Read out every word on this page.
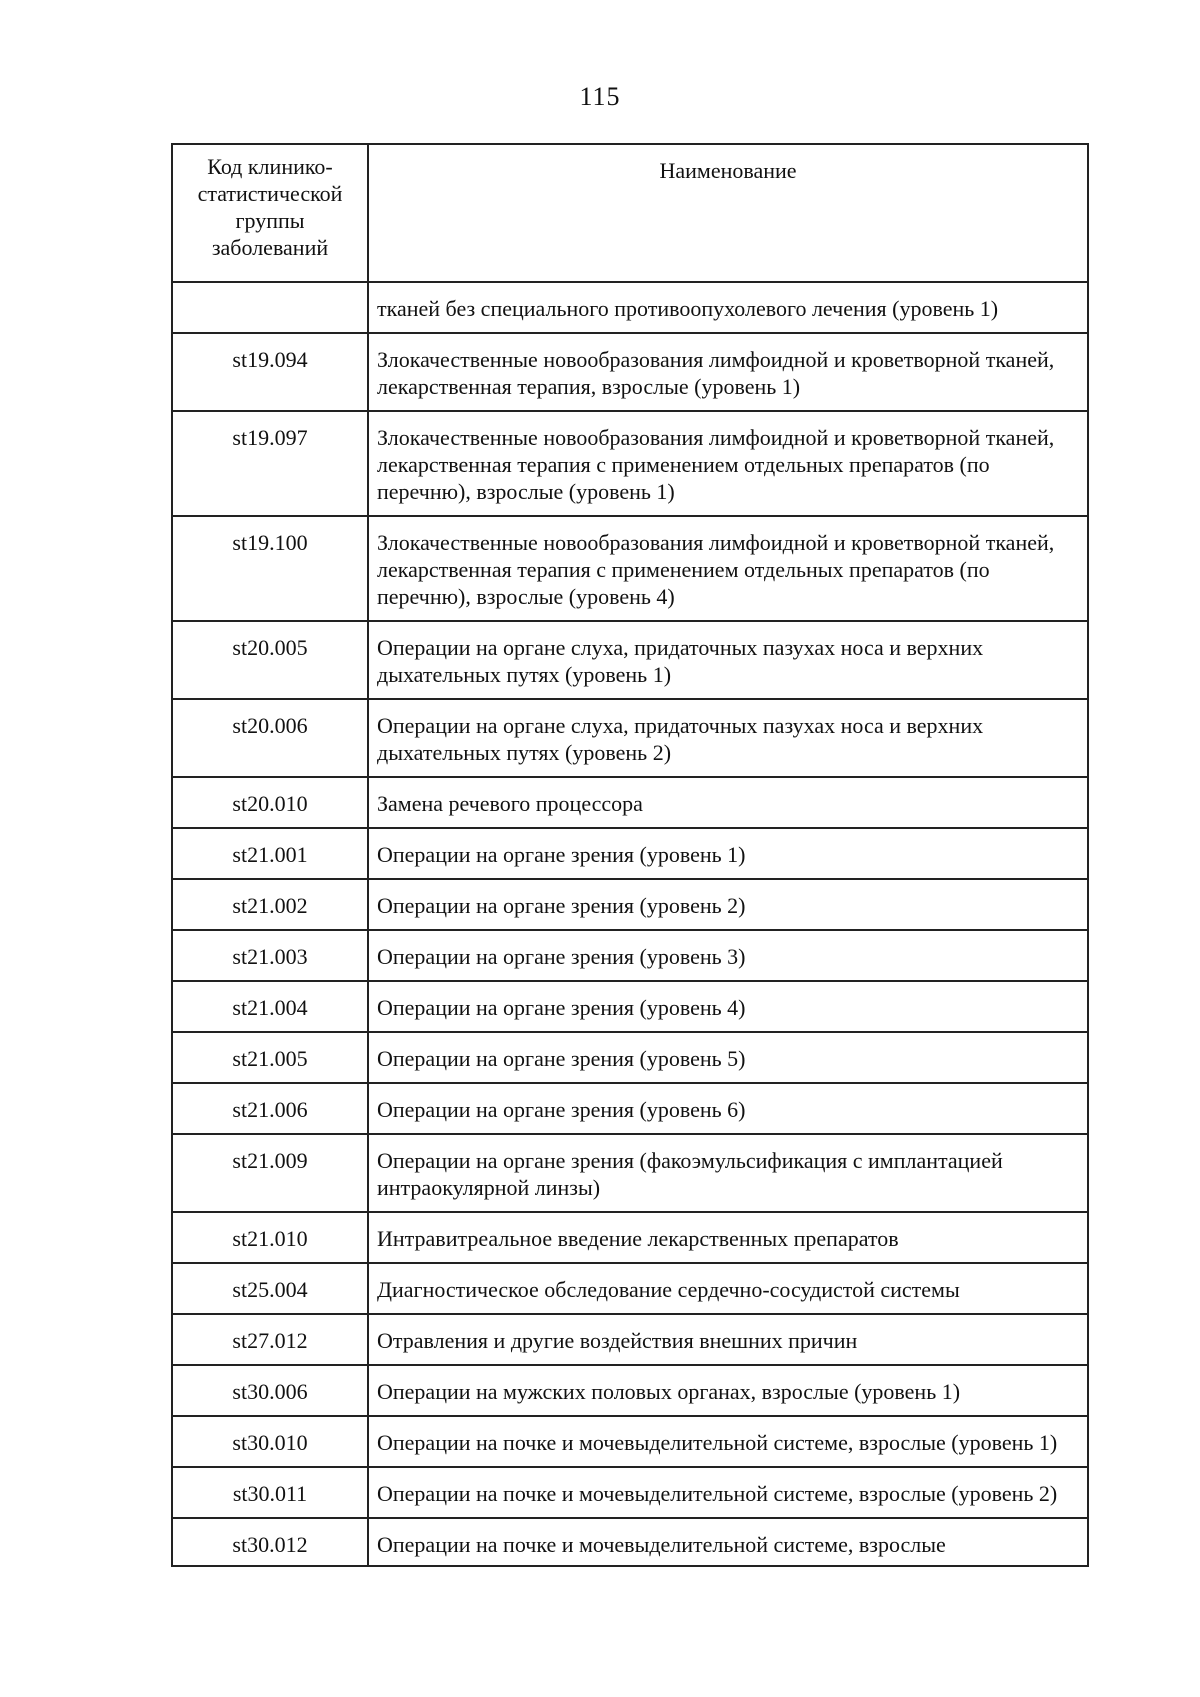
115
Код клинико-статистической группы заболеваний	Наименование
	тканей без специального противоопухолевого лечения (уровень 1)
st19.094	Злокачественные новообразования лимфоидной и кроветворной тканей, лекарственная терапия, взрослые (уровень 1)
st19.097	Злокачественные новообразования лимфоидной и кроветворной тканей, лекарственная терапия с применением отдельных препаратов (по перечню), взрослые (уровень 1)
st19.100	Злокачественные новообразования лимфоидной и кроветворной тканей, лекарственная терапия с применением отдельных препаратов (по перечню), взрослые (уровень 4)
st20.005	Операции на органе слуха, придаточных пазухах носа и верхних дыхательных путях (уровень 1)
st20.006	Операции на органе слуха, придаточных пазухах носа и верхних дыхательных путях (уровень 2)
st20.010	Замена речевого процессора
st21.001	Операции на органе зрения (уровень 1)
st21.002	Операции на органе зрения (уровень 2)
st21.003	Операции на органе зрения (уровень 3)
st21.004	Операции на органе зрения (уровень 4)
st21.005	Операции на органе зрения (уровень 5)
st21.006	Операции на органе зрения (уровень 6)
st21.009	Операции на органе зрения (факоэмульсификация с имплантацией интраокулярной линзы)
st21.010	Интравитреальное введение лекарственных препаратов
st25.004	Диагностическое обследование сердечно-сосудистой системы
st27.012	Отравления и другие воздействия внешних причин
st30.006	Операции на мужских половых органах, взрослые (уровень 1)
st30.010	Операции на почке и мочевыделительной системе, взрослые (уровень 1)
st30.011	Операции на почке и мочевыделительной системе, взрослые (уровень 2)
st30.012	Операции на почке и мочевыделительной системе, взрослые
